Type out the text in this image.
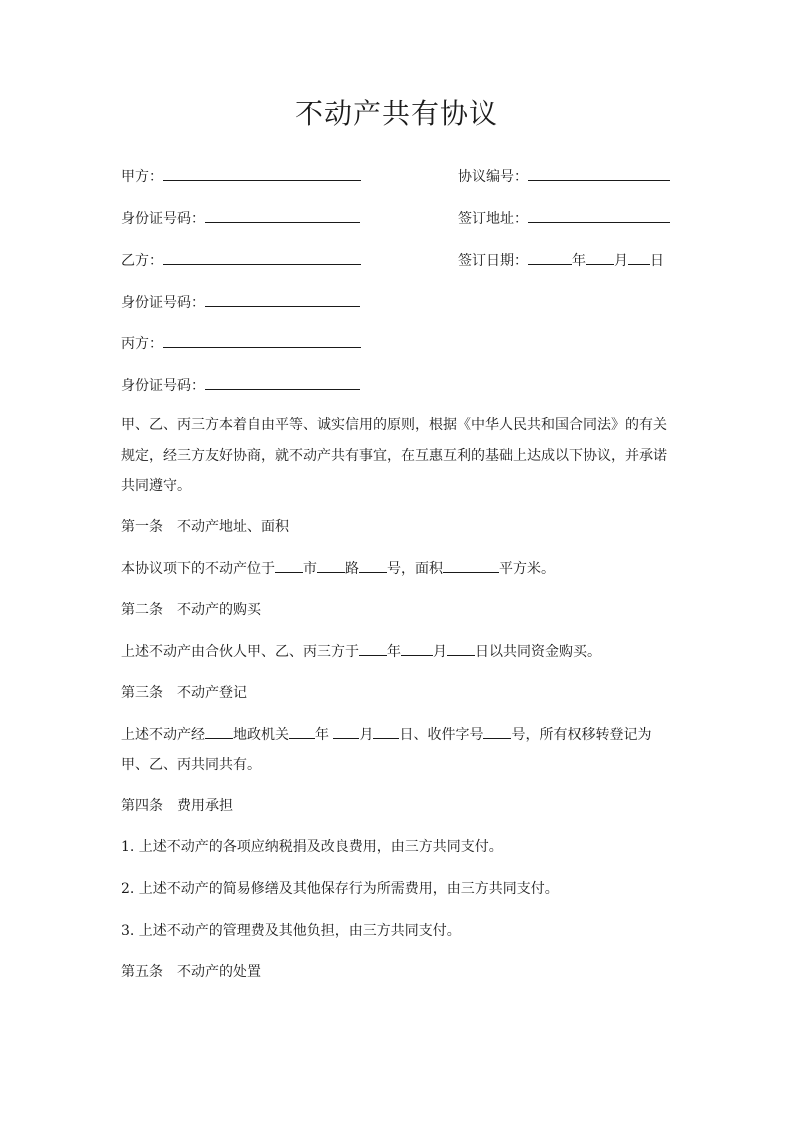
不动产共有协议
甲方：
身份证号码：
乙方：
身份证号码：
丙方：
身份证号码：
协议编号：
签订地址：
签订日期：	年 月 日
甲、乙、丙三方本着自由平等、诚实信用的原则，根据《中华人民共和国合同法》的有关规定，经三方友好协商，就不动产共有事宜，在互惠互利的基础上达成以下协议，并承诺共同遵守。
第一条　不动产地址、面积
本协议项下的不动产位于 市 路 号，面积	平方米。
第二条　不动产的购买
上述不动产由合伙人甲、乙、丙三方于 年 月 日以共同资金购买。
第三条　不动产登记
上述不动产经 地政机关 年 月 日、收件字号 号，所有权移转登记为甲、乙、丙共同共有。
第四条　费用承担
1. 上述不动产的各项应纳税捐及改良费用，由三方共同支付。
2. 上述不动产的简易修缮及其他保存行为所需费用，由三方共同支付。
3. 上述不动产的管理费及其他负担，由三方共同支付。
第五条　不动产的处置
